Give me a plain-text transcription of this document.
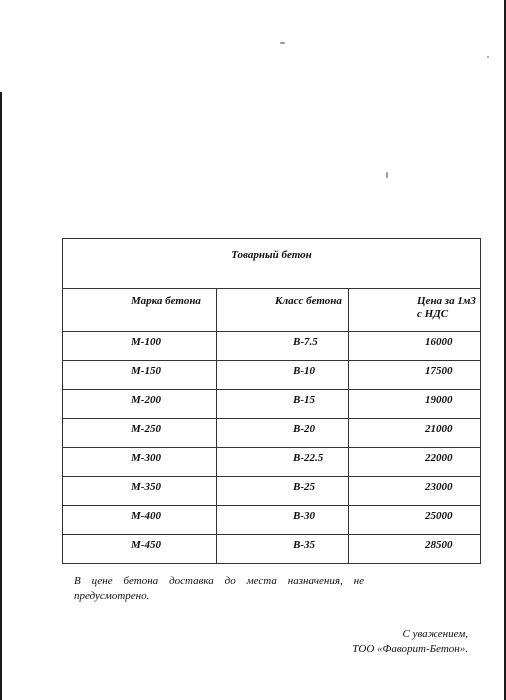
Товарный бетон		
Марка бетона	Класс бетона	Цена за 1м3 с НДС
М-100	В-7.5	16000
М-150	В-10	17500
М-200	В-15	19000
М-250	В-20	21000
М-300	В-22.5	22000
М-350	В-25	23000
М-400	В-30	25000
М-450	В-35	28500
В цене бетона доставка до места назначения, не предусмотрено.
С уважением,
ТОО «Фаворит-Бетон».
